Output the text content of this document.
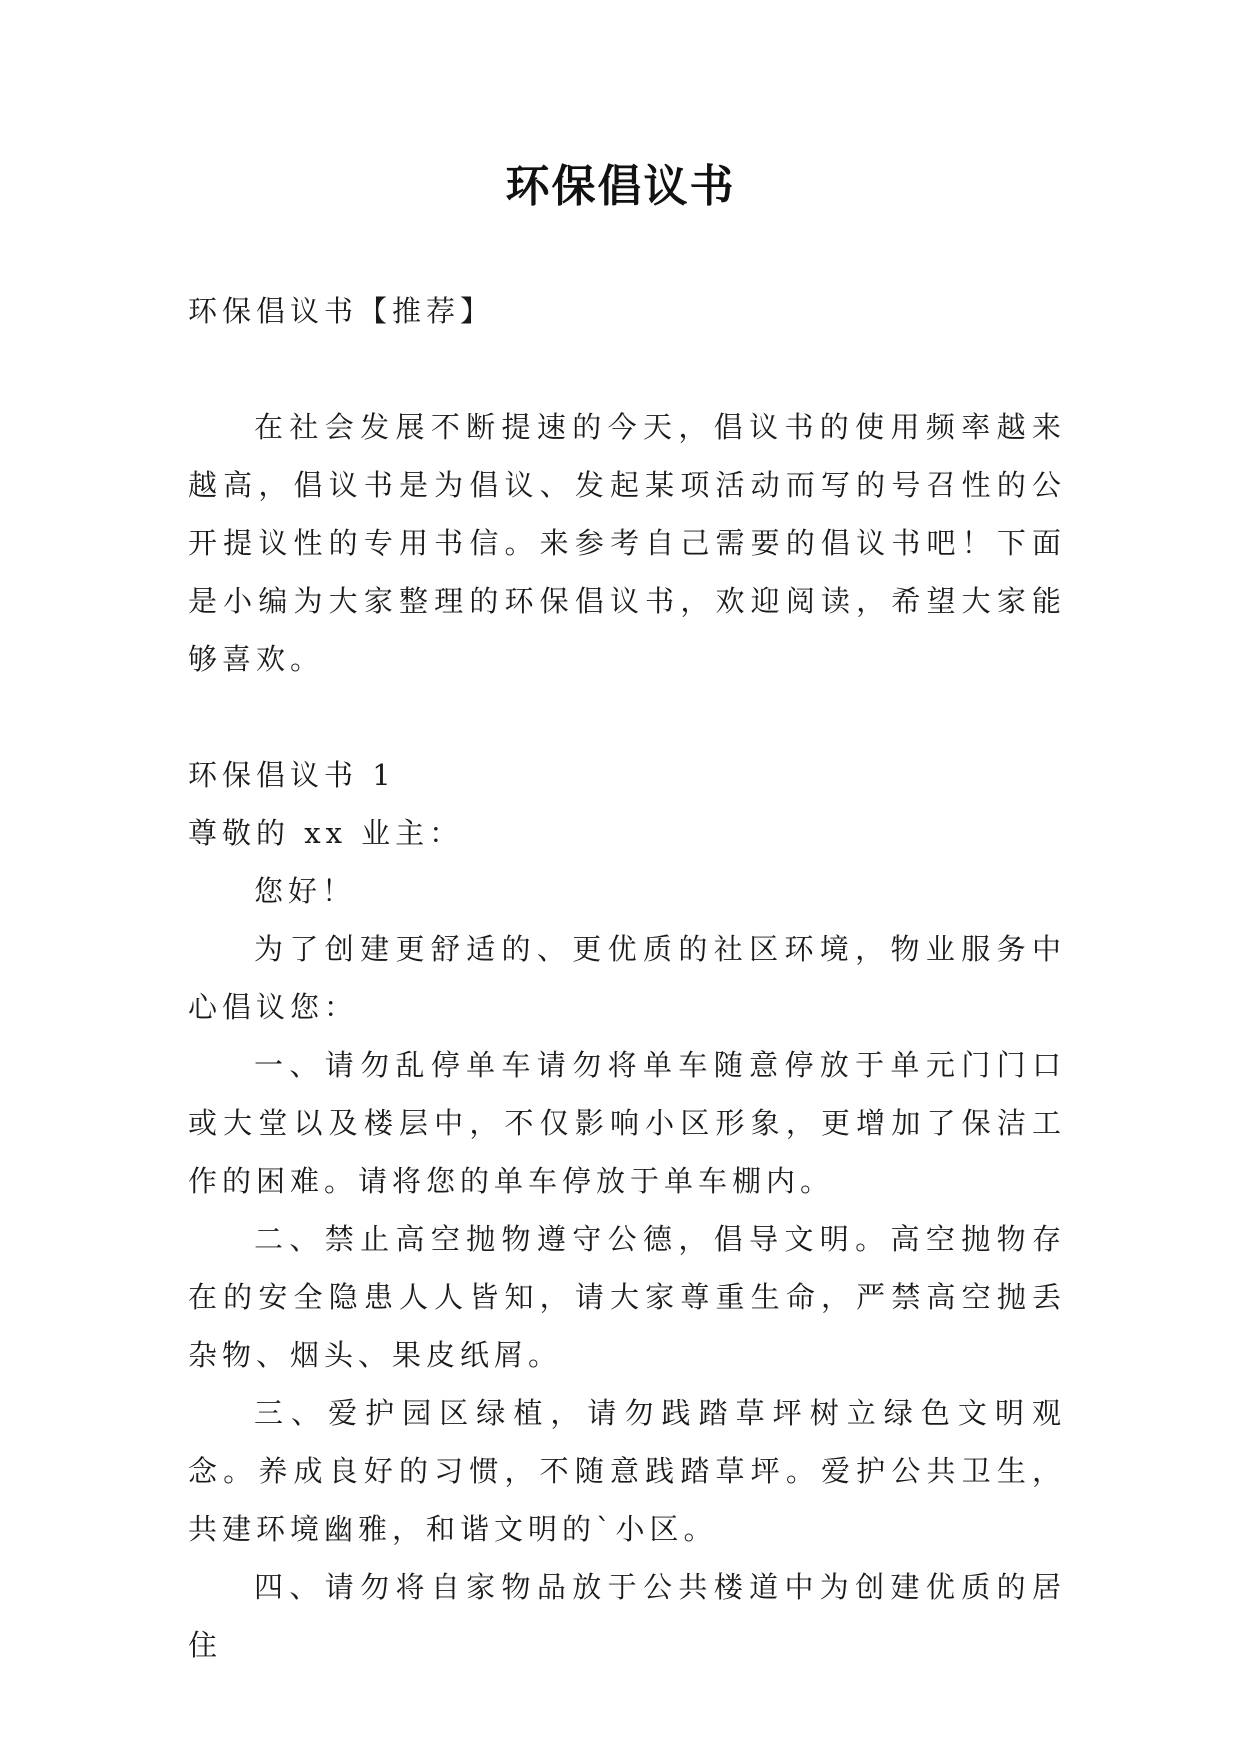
环保倡议书

环保倡议书【推荐】

在社会发展不断提速的今天，倡议书的使用频率越来越高，倡议书是为倡议、发起某项活动而写的号召性的公开提议性的专用书信。来参考自己需要的倡议书吧！下面是小编为大家整理的环保倡议书，欢迎阅读，希望大家能够喜欢。

环保倡议书 1

尊敬的 xx 业主：

您好！

为了创建更舒适的、更优质的社区环境，物业服务中心倡议您：

一、请勿乱停单车请勿将单车随意停放于单元门门口或大堂以及楼层中，不仅影响小区形象，更增加了保洁工作的困难。请将您的单车停放于单车棚内。

二、禁止高空抛物遵守公德，倡导文明。高空抛物存在的安全隐患人人皆知，请大家尊重生命，严禁高空抛丢杂物、烟头、果皮纸屑。

三、爱护园区绿植，请勿践踏草坪树立绿色文明观念。养成良好的习惯，不随意践踏草坪。爱护公共卫生，共建环境幽雅，和谐文明的`小区。

四、请勿将自家物品放于公共楼道中为创建优质的居住
